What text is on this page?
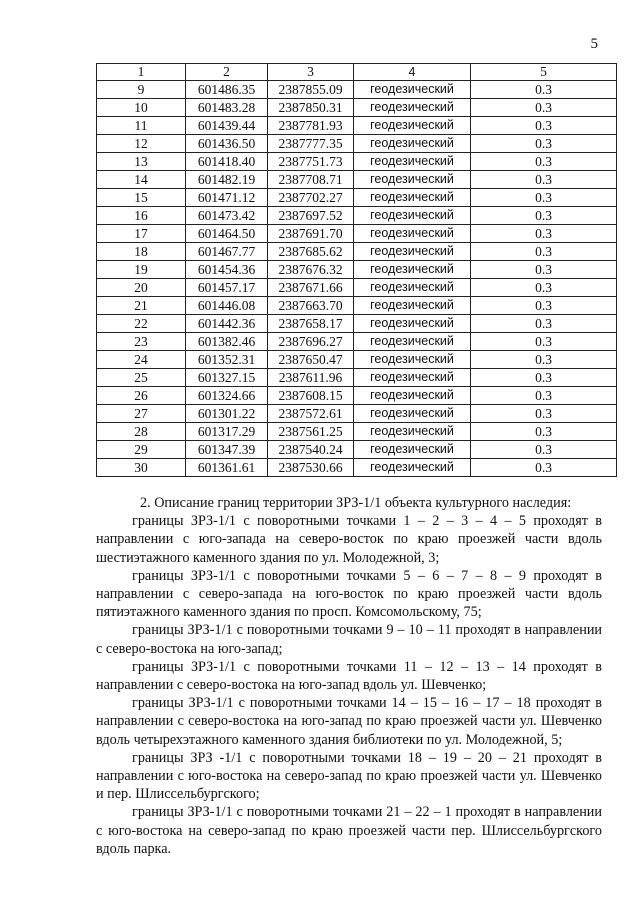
5
1	2	3	4	5
9	601486.35	2387855.09	геодезический	0.3
10	601483.28	2387850.31	геодезический	0.3
11	601439.44	2387781.93	геодезический	0.3
12	601436.50	2387777.35	геодезический	0.3
13	601418.40	2387751.73	геодезический	0.3
14	601482.19	2387708.71	геодезический	0.3
15	601471.12	2387702.27	геодезический	0.3
16	601473.42	2387697.52	геодезический	0.3
17	601464.50	2387691.70	геодезический	0.3
18	601467.77	2387685.62	геодезический	0.3
19	601454.36	2387676.32	геодезический	0.3
20	601457.17	2387671.66	геодезический	0.3
21	601446.08	2387663.70	геодезический	0.3
22	601442.36	2387658.17	геодезический	0.3
23	601382.46	2387696.27	геодезический	0.3
24	601352.31	2387650.47	геодезический	0.3
25	601327.15	2387611.96	геодезический	0.3
26	601324.66	2387608.15	геодезический	0.3
27	601301.22	2387572.61	геодезический	0.3
28	601317.29	2387561.25	геодезический	0.3
29	601347.39	2387540.24	геодезический	0.3
30	601361.61	2387530.66	геодезический	0.3

2. Описание границ территории ЗРЗ-1/1 объекта культурного наследия:

границы ЗРЗ-1/1 с поворотными точками 1 – 2 – 3 – 4 – 5 проходят в направлении с юго-запада на северо-восток по краю проезжей части вдоль шестиэтажного каменного здания по ул. Молодежной, 3;

границы ЗРЗ-1/1 с поворотными точками 5 – 6 – 7 – 8 – 9 проходят в направлении с северо-запада на юго-восток по краю проезжей части вдоль пятиэтажного каменного здания по просп. Комсомольскому, 75;

границы ЗРЗ-1/1 с поворотными точками 9 – 10 – 11 проходят в направлении с северо-востока на юго-запад;

границы ЗРЗ-1/1 с поворотными точками 11 – 12 – 13 – 14 проходят в направлении с северо-востока на юго-запад вдоль ул. Шевченко;

границы ЗРЗ-1/1 с поворотными точками 14 – 15 – 16 – 17 – 18 проходят в направлении с северо-востока на юго-запад по краю проезжей части ул. Шевченко вдоль четырехэтажного каменного здания библиотеки по ул. Молодежной, 5;

границы ЗРЗ -1/1 с поворотными точками 18 – 19 – 20 – 21 проходят в направлении с юго-востока на северо-запад по краю проезжей части ул. Шевченко и пер. Шлиссельбургского;

границы ЗРЗ-1/1 с поворотными точками 21 – 22 – 1 проходят в направлении с юго-востока на северо-запад по краю проезжей части пер. Шлиссельбургского вдоль парка.
